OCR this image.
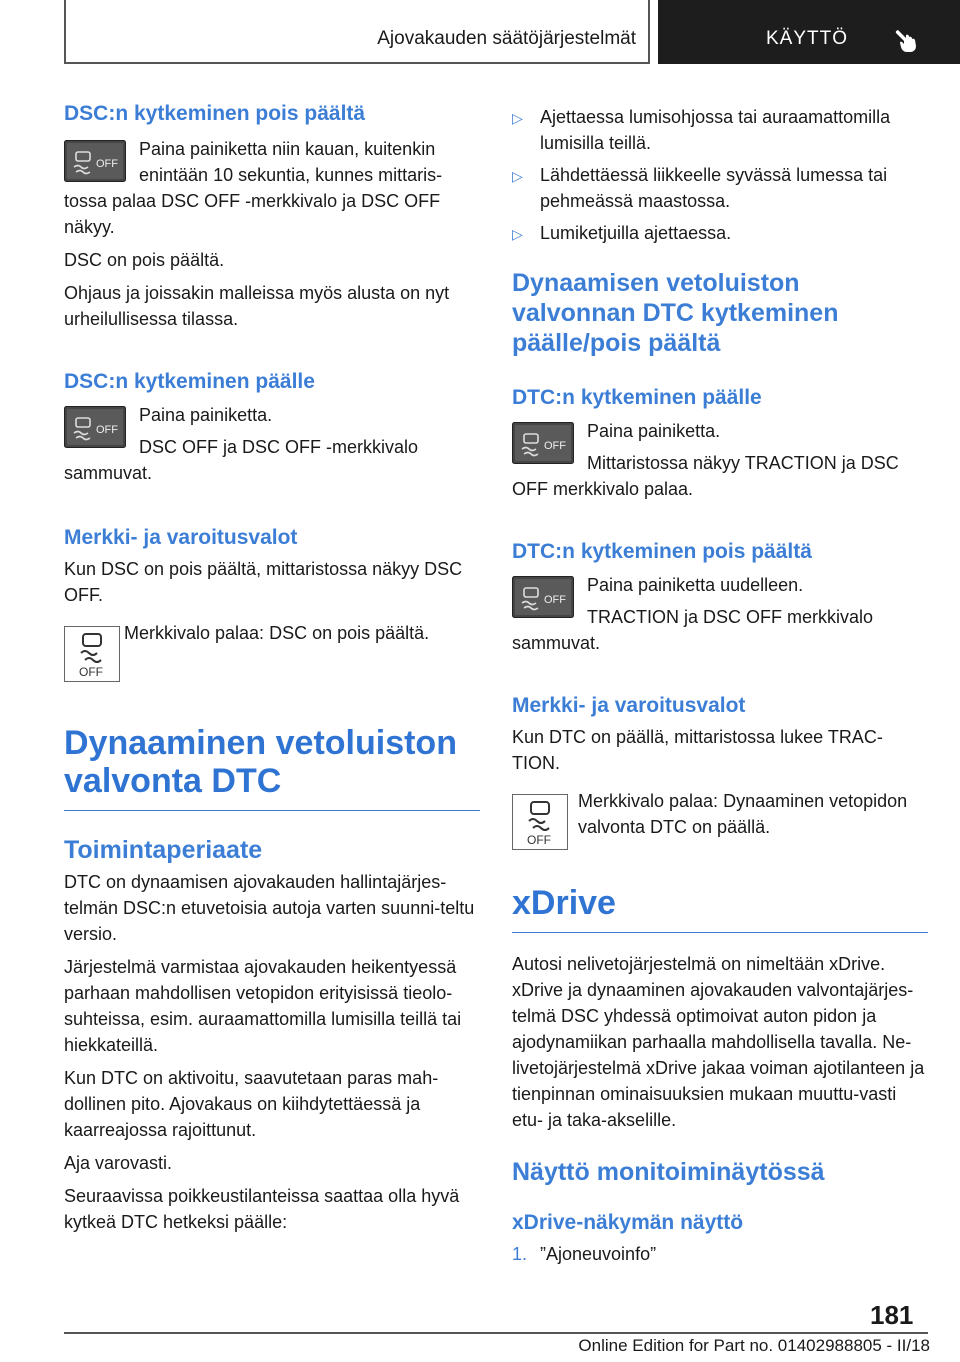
Ajovakauden säätöjärjestelmät	KÄYTTÖ
DSC:n kytkeminen pois päältä
OFF

Paina painiketta niin kauan, kuitenkin enintään 10 sekuntia, kunnes mittaris-

tossa palaa DSC OFF -merkkivalo ja DSC OFF näkyy.

DSC on pois päältä.

Ohjaus ja joissakin malleissa myös alusta on nyt urheilullisessa tilassa.

DSC:n kytkeminen päälle
OFF

Paina painiketta.

DSC OFF ja DSC OFF -merkkivalo

sammuvat.

Merkki- ja varoitusvalot

Kun DSC on pois päältä, mittaristossa näkyy DSC OFF.

OFF

Merkkivalo palaa: DSC on pois päältä.

Dynaaminen vetoluiston valvonta DTC
Toimintaperiaate

DTC on dynaamisen ajovakauden hallintajärjes-telmän DSC:n etuvetoisia autoja varten suunni-teltu versio.

Järjestelmä varmistaa ajovakauden heikentyessä parhaan mahdollisen vetopidon erityisissä tieolo-suhteissa, esim. auraamattomilla lumisilla teillä tai hiekkateillä.

Kun DTC on aktivoitu, saavutetaan paras mah-dollinen pito. Ajovakaus on kiihdytettäessä ja kaarreajossa rajoittunut.

Aja varovasti.

Seuraavissa poikkeustilanteissa saattaa olla hyvä kytkeä DTC hetkeksi päälle:

▷ Ajettaessa lumisohjossa tai auraamattomilla lumisilla teillä.
▷ Lähdettäessä liikkeelle syvässä lumessa tai pehmeässä maastossa.
▷ Lumiketjuilla ajettaessa.
Dynaamisen vetoluiston valvonnan DTC kytkeminen päälle/pois päältä
DTC:n kytkeminen päälle
OFF

Paina painiketta.

Mittaristossa näkyy TRACTION ja DSC

OFF merkkivalo palaa.

DTC:n kytkeminen pois päältä
OFF

Paina painiketta uudelleen.

TRACTION ja DSC OFF merkkivalo

sammuvat.

Merkki- ja varoitusvalot

Kun DTC on päällä, mittaristossa lukee TRAC-TION.

OFF

Merkkivalo palaa: Dynaaminen vetopidon valvonta DTC on päällä.

xDrive

Autosi nelivetojärjestelmä on nimeltään xDrive. xDrive ja dynaaminen ajovakauden valvontajärjes-telmä DSC yhdessä optimoivat auton pidon ja ajodynamiikan parhaalla mahdollisella tavalla. Ne-livetojärjestelmä xDrive jakaa voiman ajotilanteen ja tienpinnan ominaisuuksien mukaan muuttu-vasti etu- ja taka-akselille.

Näyttö monitoiminäytössä
xDrive-näkymän näyttö
1. ”Ajoneuvoinfo”
181
Online Edition for Part no. 01402988805 - II/18
